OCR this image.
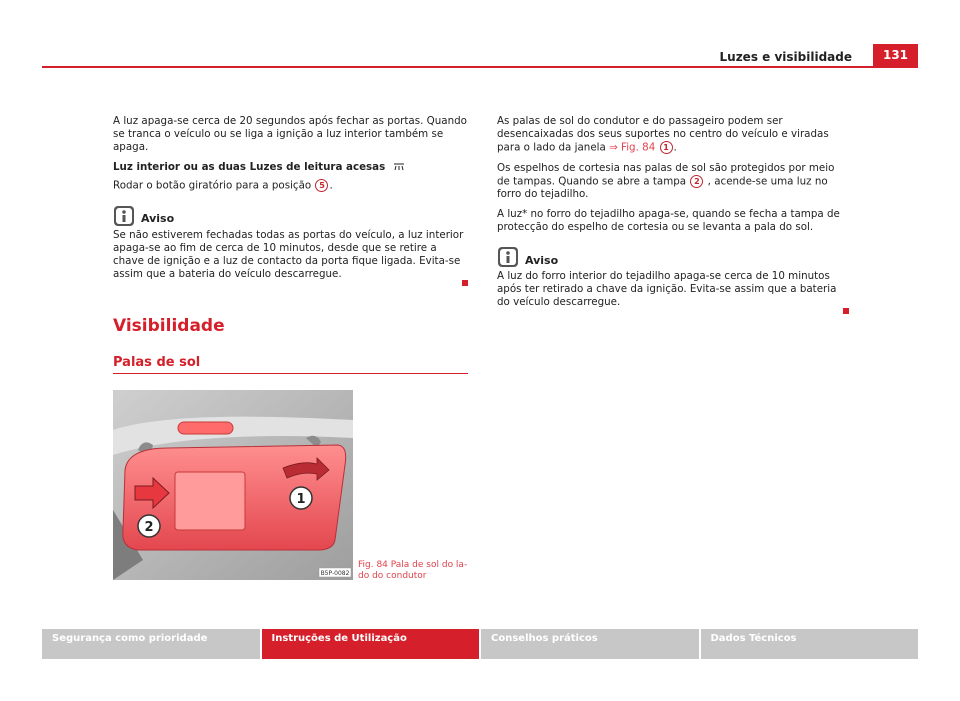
Luzes e visibilidade	131

A luz apaga-se cerca de 20 segundos após fechar as portas. Quando se tranca o veículo ou se liga a ignição a luz interior também se apaga.

Luz interior ou as duas Luzes de leitura acesas

Rodar o botão giratório para a posição 5 .

Aviso

Se não estiverem fechadas todas as portas do veículo, a luz interior apaga-se ao fim de cerca de 10 minutos, desde que se retire a chave de ignição e a luz de contacto da porta fique ligada. Evita-se assim que a bateria do veículo descarregue.

Visibilidade
Palas de sol
1
2
B5P-0082
Fig. 84 Pala de sol do la-
do do condutor

As palas de sol do condutor e do passageiro podem ser desencaixadas dos seus suportes no centro do veículo e viradas para o lado da janela ⇒ Fig. 84 1 .

Os espelhos de cortesia nas palas de sol são protegidos por meio de tampas. Quando se abre a tampa 2 , acende-se uma luz no forro do tejadilho.

A luz* no forro do tejadilho apaga-se, quando se fecha a tampa de protecção do espelho de cortesia ou se levanta a pala do sol.

Aviso

A luz do forro interior do tejadilho apaga-se cerca de 10 minutos após ter retirado a chave da ignição. Evita-se assim que a bateria do veículo descarregue.

Segurança como prioridade	Instruções de Utilização	Conselhos práticos	Dados Técnicos
